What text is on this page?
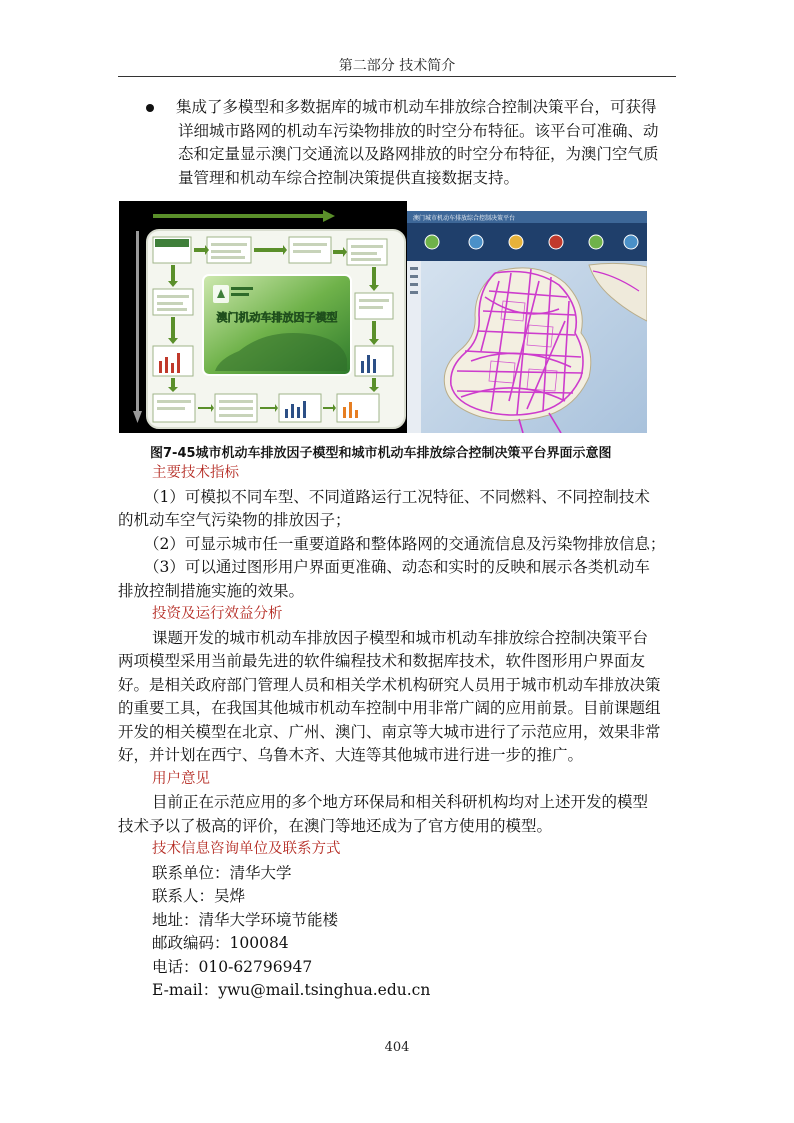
第二部分 技术简介
集成了多模型和多数据库的城市机动车排放综合控制决策平台，可获得
详细城市路网的机动车污染物排放的时空分布特征。该平台可准确、动
态和定量显示澳门交通流以及路网排放的时空分布特征，为澳门空气质
量管理和机动车综合控制决策提供直接数据支持。
澳门机动车排放因子模型
澳门城市机动车排放综合控制决策平台
图7-45城市机动车排放因子模型和城市机动车排放综合控制决策平台界面示意图
主要技术指标
（1）可模拟不同车型、不同道路运行工况特征、不同燃料、不同控制技术
的机动车空气污染物的排放因子；
（2）可显示城市任一重要道路和整体路网的交通流信息及污染物排放信息；
（3）可以通过图形用户界面更准确、动态和实时的反映和展示各类机动车
排放控制措施实施的效果。
投资及运行效益分析
课题开发的城市机动车排放因子模型和城市机动车排放综合控制决策平台
两项模型采用当前最先进的软件编程技术和数据库技术，软件图形用户界面友
好。是相关政府部门管理人员和相关学术机构研究人员用于城市机动车排放决策
的重要工具，在我国其他城市机动车控制中用非常广阔的应用前景。目前课题组
开发的相关模型在北京、广州、澳门、南京等大城市进行了示范应用，效果非常
好，并计划在西宁、乌鲁木齐、大连等其他城市进行进一步的推广。
用户意见
目前正在示范应用的多个地方环保局和相关科研机构均对上述开发的模型
技术予以了极高的评价，在澳门等地还成为了官方使用的模型。
技术信息咨询单位及联系方式
联系单位：清华大学
联系人：吴烨
地址：清华大学环境节能楼
邮政编码：100084
电话：010-62796947
E-mail：ywu@mail.tsinghua.edu.cn
404
